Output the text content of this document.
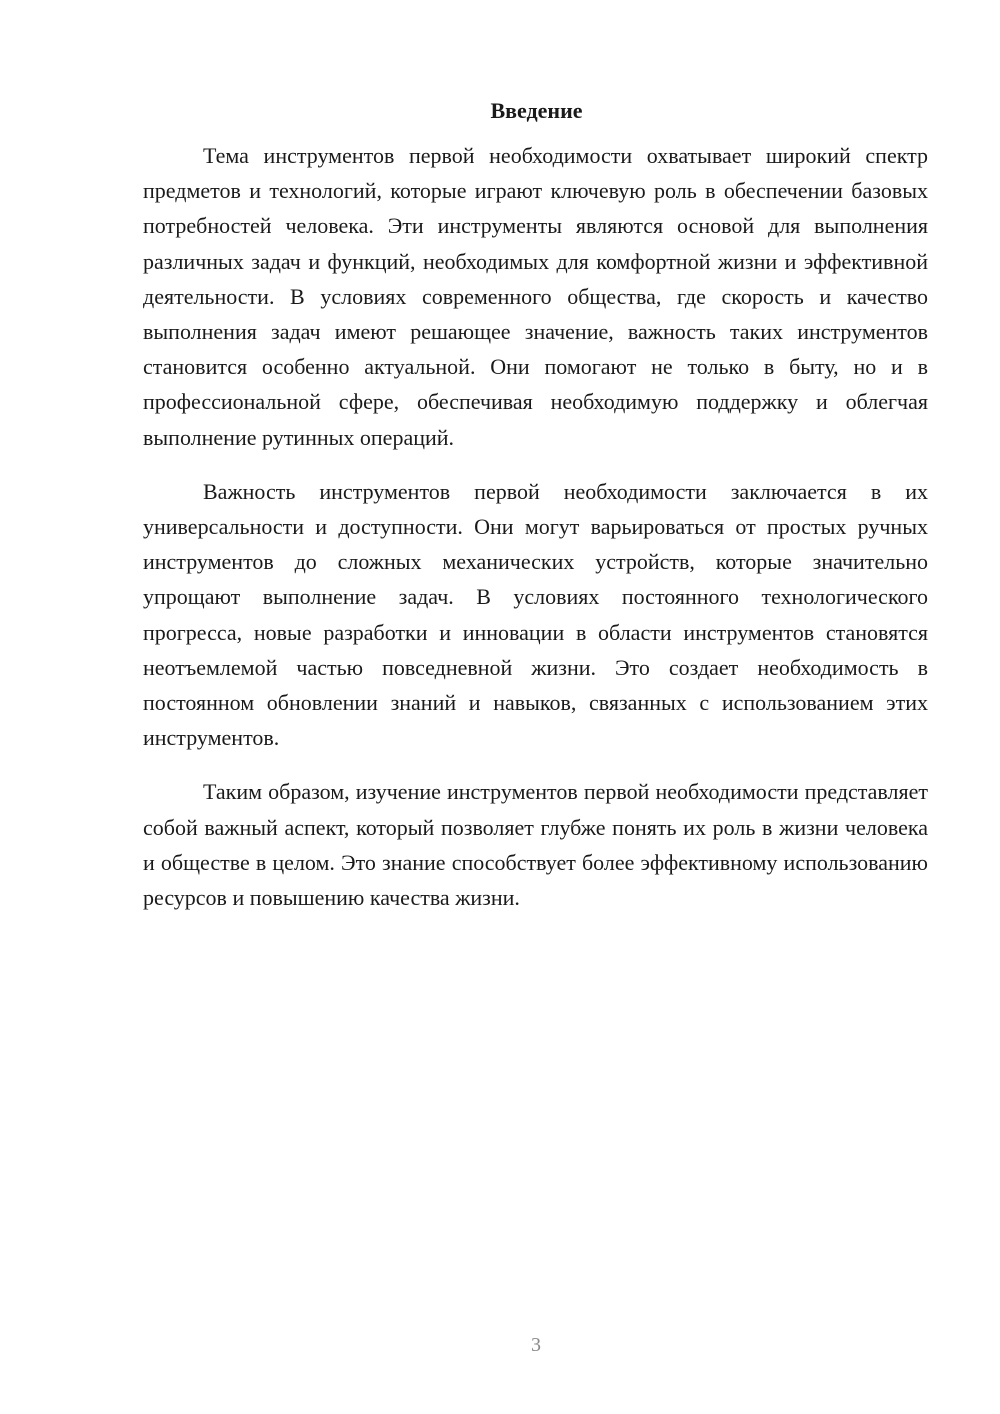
Введение

Тема инструментов первой необходимости охватывает широкий спектр предметов и технологий, которые играют ключевую роль в обеспечении базовых потребностей человека. Эти инструменты являются основой для выполнения различных задач и функций, необходимых для комфортной жизни и эффективной деятельности. В условиях современного общества, где скорость и качество выполнения задач имеют решающее значение, важность таких инструментов становится особенно актуальной. Они помогают не только в быту, но и в профессиональной сфере, обеспечивая необходимую поддержку и облегчая выполнение рутинных операций.

Важность инструментов первой необходимости заключается в их универсальности и доступности. Они могут варьироваться от простых ручных инструментов до сложных механических устройств, которые значительно упрощают выполнение задач. В условиях постоянного технологического прогресса, новые разработки и инновации в области инструментов становятся неотъемлемой частью повседневной жизни. Это создает необходимость в постоянном обновлении знаний и навыков, связанных с использованием этих инструментов.

Таким образом, изучение инструментов первой необходимости представляет собой важный аспект, который позволяет глубже понять их роль в жизни человека и обществе в целом. Это знание способствует более эффективному использованию ресурсов и повышению качества жизни.

3
